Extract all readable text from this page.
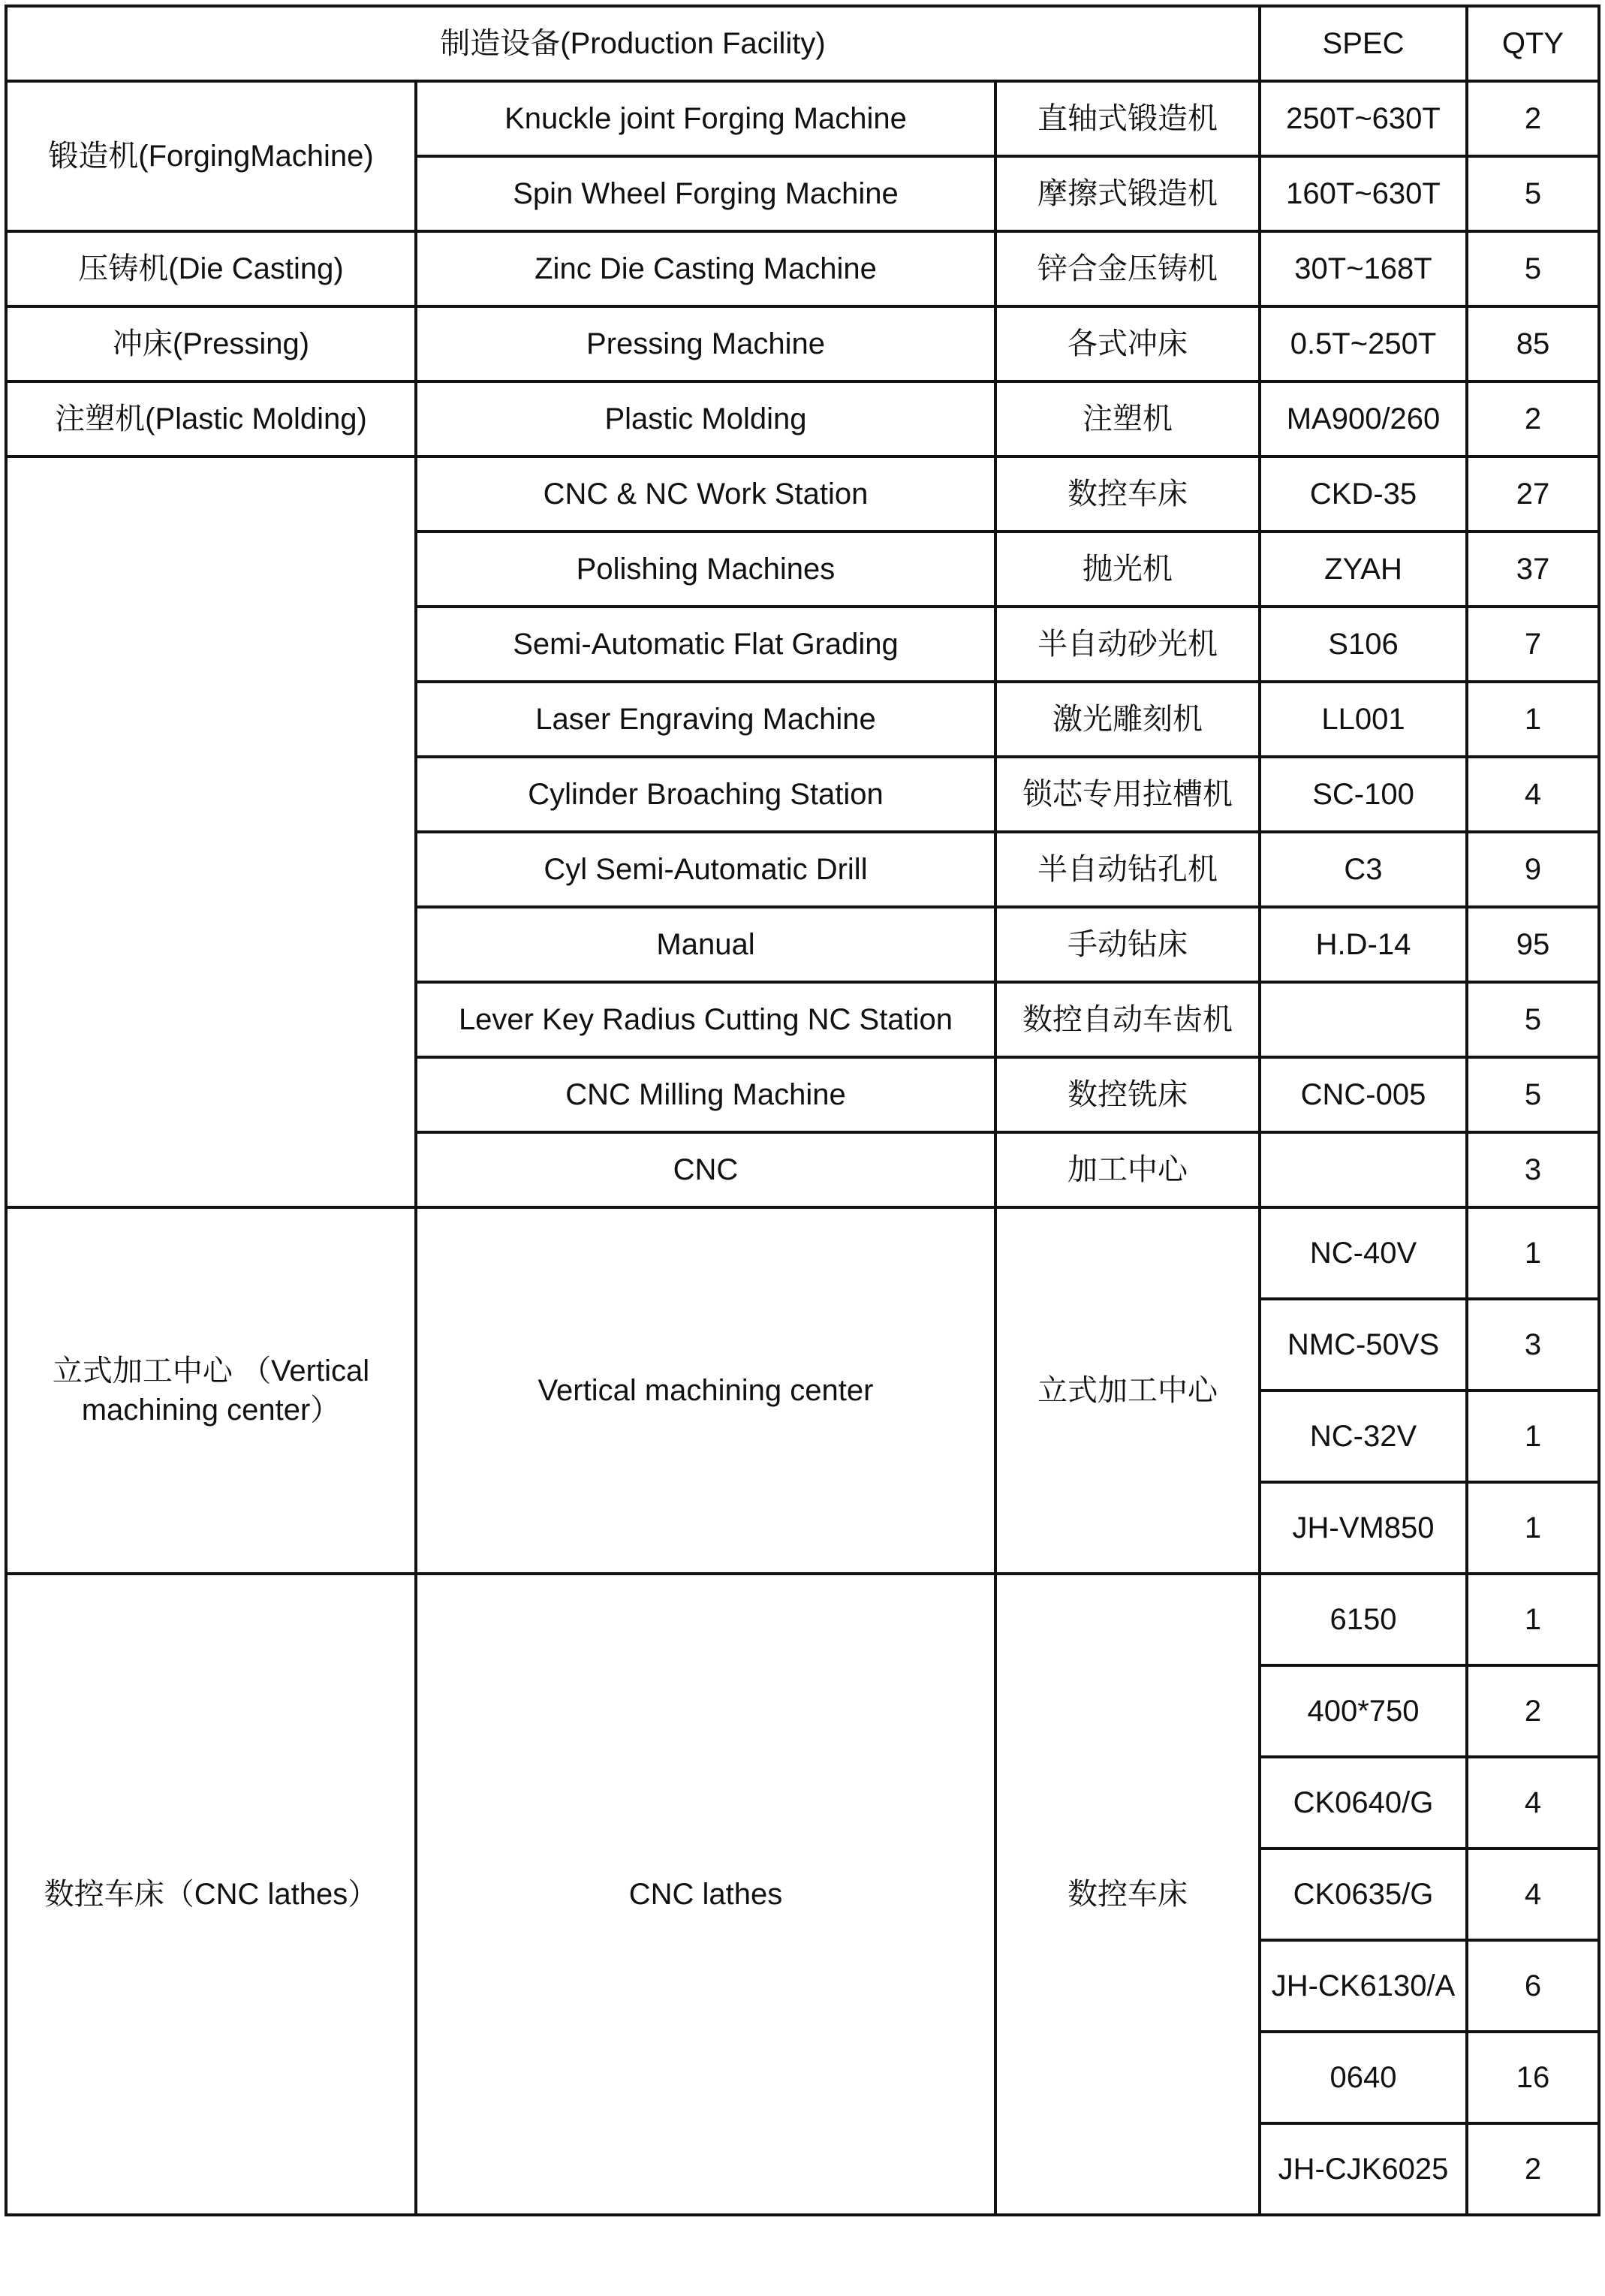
制造设备(Production Facility)			SPEC	QTY
锻造机(ForgingMachine)	Knuckle joint Forging Machine	直轴式锻造机	250T~630T	2
	Spin Wheel Forging Machine	摩擦式锻造机	160T~630T	5
压铸机(Die Casting)	Zinc Die Casting Machine	锌合金压铸机	30T~168T	5
冲床(Pressing)	Pressing Machine	各式冲床	0.5T~250T	85
注塑机(Plastic Molding)	Plastic Molding	注塑机	MA900/260	2
	CNC & NC Work Station	数控车床	CKD-35	27
	Polishing Machines	抛光机	ZYAH	37
	Semi-Automatic Flat Grading	半自动砂光机	S106	7
	Laser Engraving Machine	激光雕刻机	LL001	1
	Cylinder Broaching Station	锁芯专用拉槽机	SC-100	4
	Cyl Semi-Automatic Drill	半自动钻孔机	C3	9
	Manual	手动钻床	H.D-14	95
	Lever Key Radius Cutting NC Station	数控自动车齿机		5
	CNC Milling Machine	数控铣床	CNC-005	5
	CNC	加工中心		3
立式加工中心 （Vertical machining center）	Vertical machining center	立式加工中心	NC-40V	1
			NMC-50VS	3
			NC-32V	1
			JH-VM850	1
数控车床（CNC lathes）	CNC lathes	数控车床	6150	1
			400*750	2
			CK0640/G	4
			CK0635/G	4
			JH-CK6130/A	6
			0640	16
			JH-CJK6025	2
